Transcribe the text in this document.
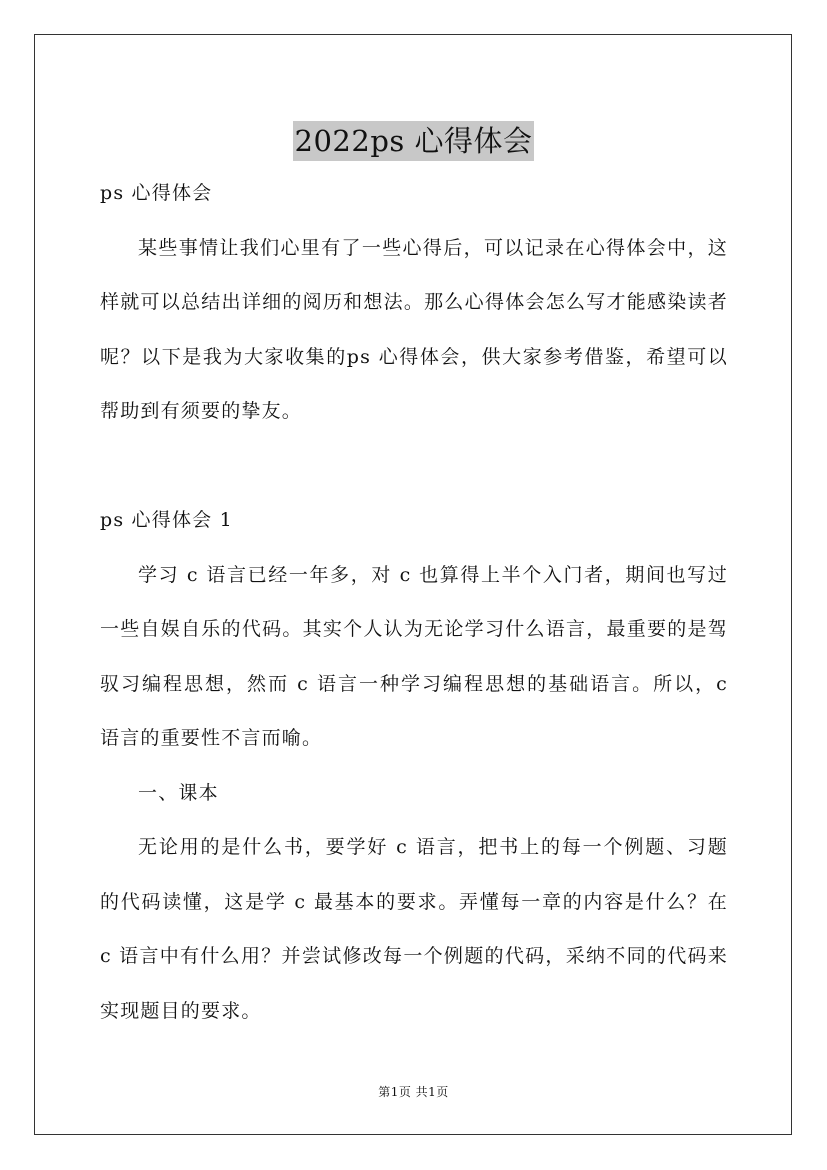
2022ps 心得体会

ps 心得体会

某些事情让我们心里有了一些心得后，可以记录在心得体会中，这样就可以总结出详细的阅历和想法。那么心得体会怎么写才能感染读者呢？以下是我为大家收集的ps 心得体会，供大家参考借鉴，希望可以帮助到有须要的挚友。

ps 心得体会 1

学习 c 语言已经一年多，对 c 也算得上半个入门者，期间也写过一些自娱自乐的代码。其实个人认为无论学习什么语言，最重要的是驾驭习编程思想，然而 c 语言一种学习编程思想的基础语言。所以，c 语言的重要性不言而喻。

一、课本

无论用的是什么书，要学好 c 语言，把书上的每一个例题、习题的代码读懂，这是学 c 最基本的要求。弄懂每一章的内容是什么？在 c 语言中有什么用？并尝试修改每一个例题的代码，采纳不同的代码来实现题目的要求。

第1页 共1页
